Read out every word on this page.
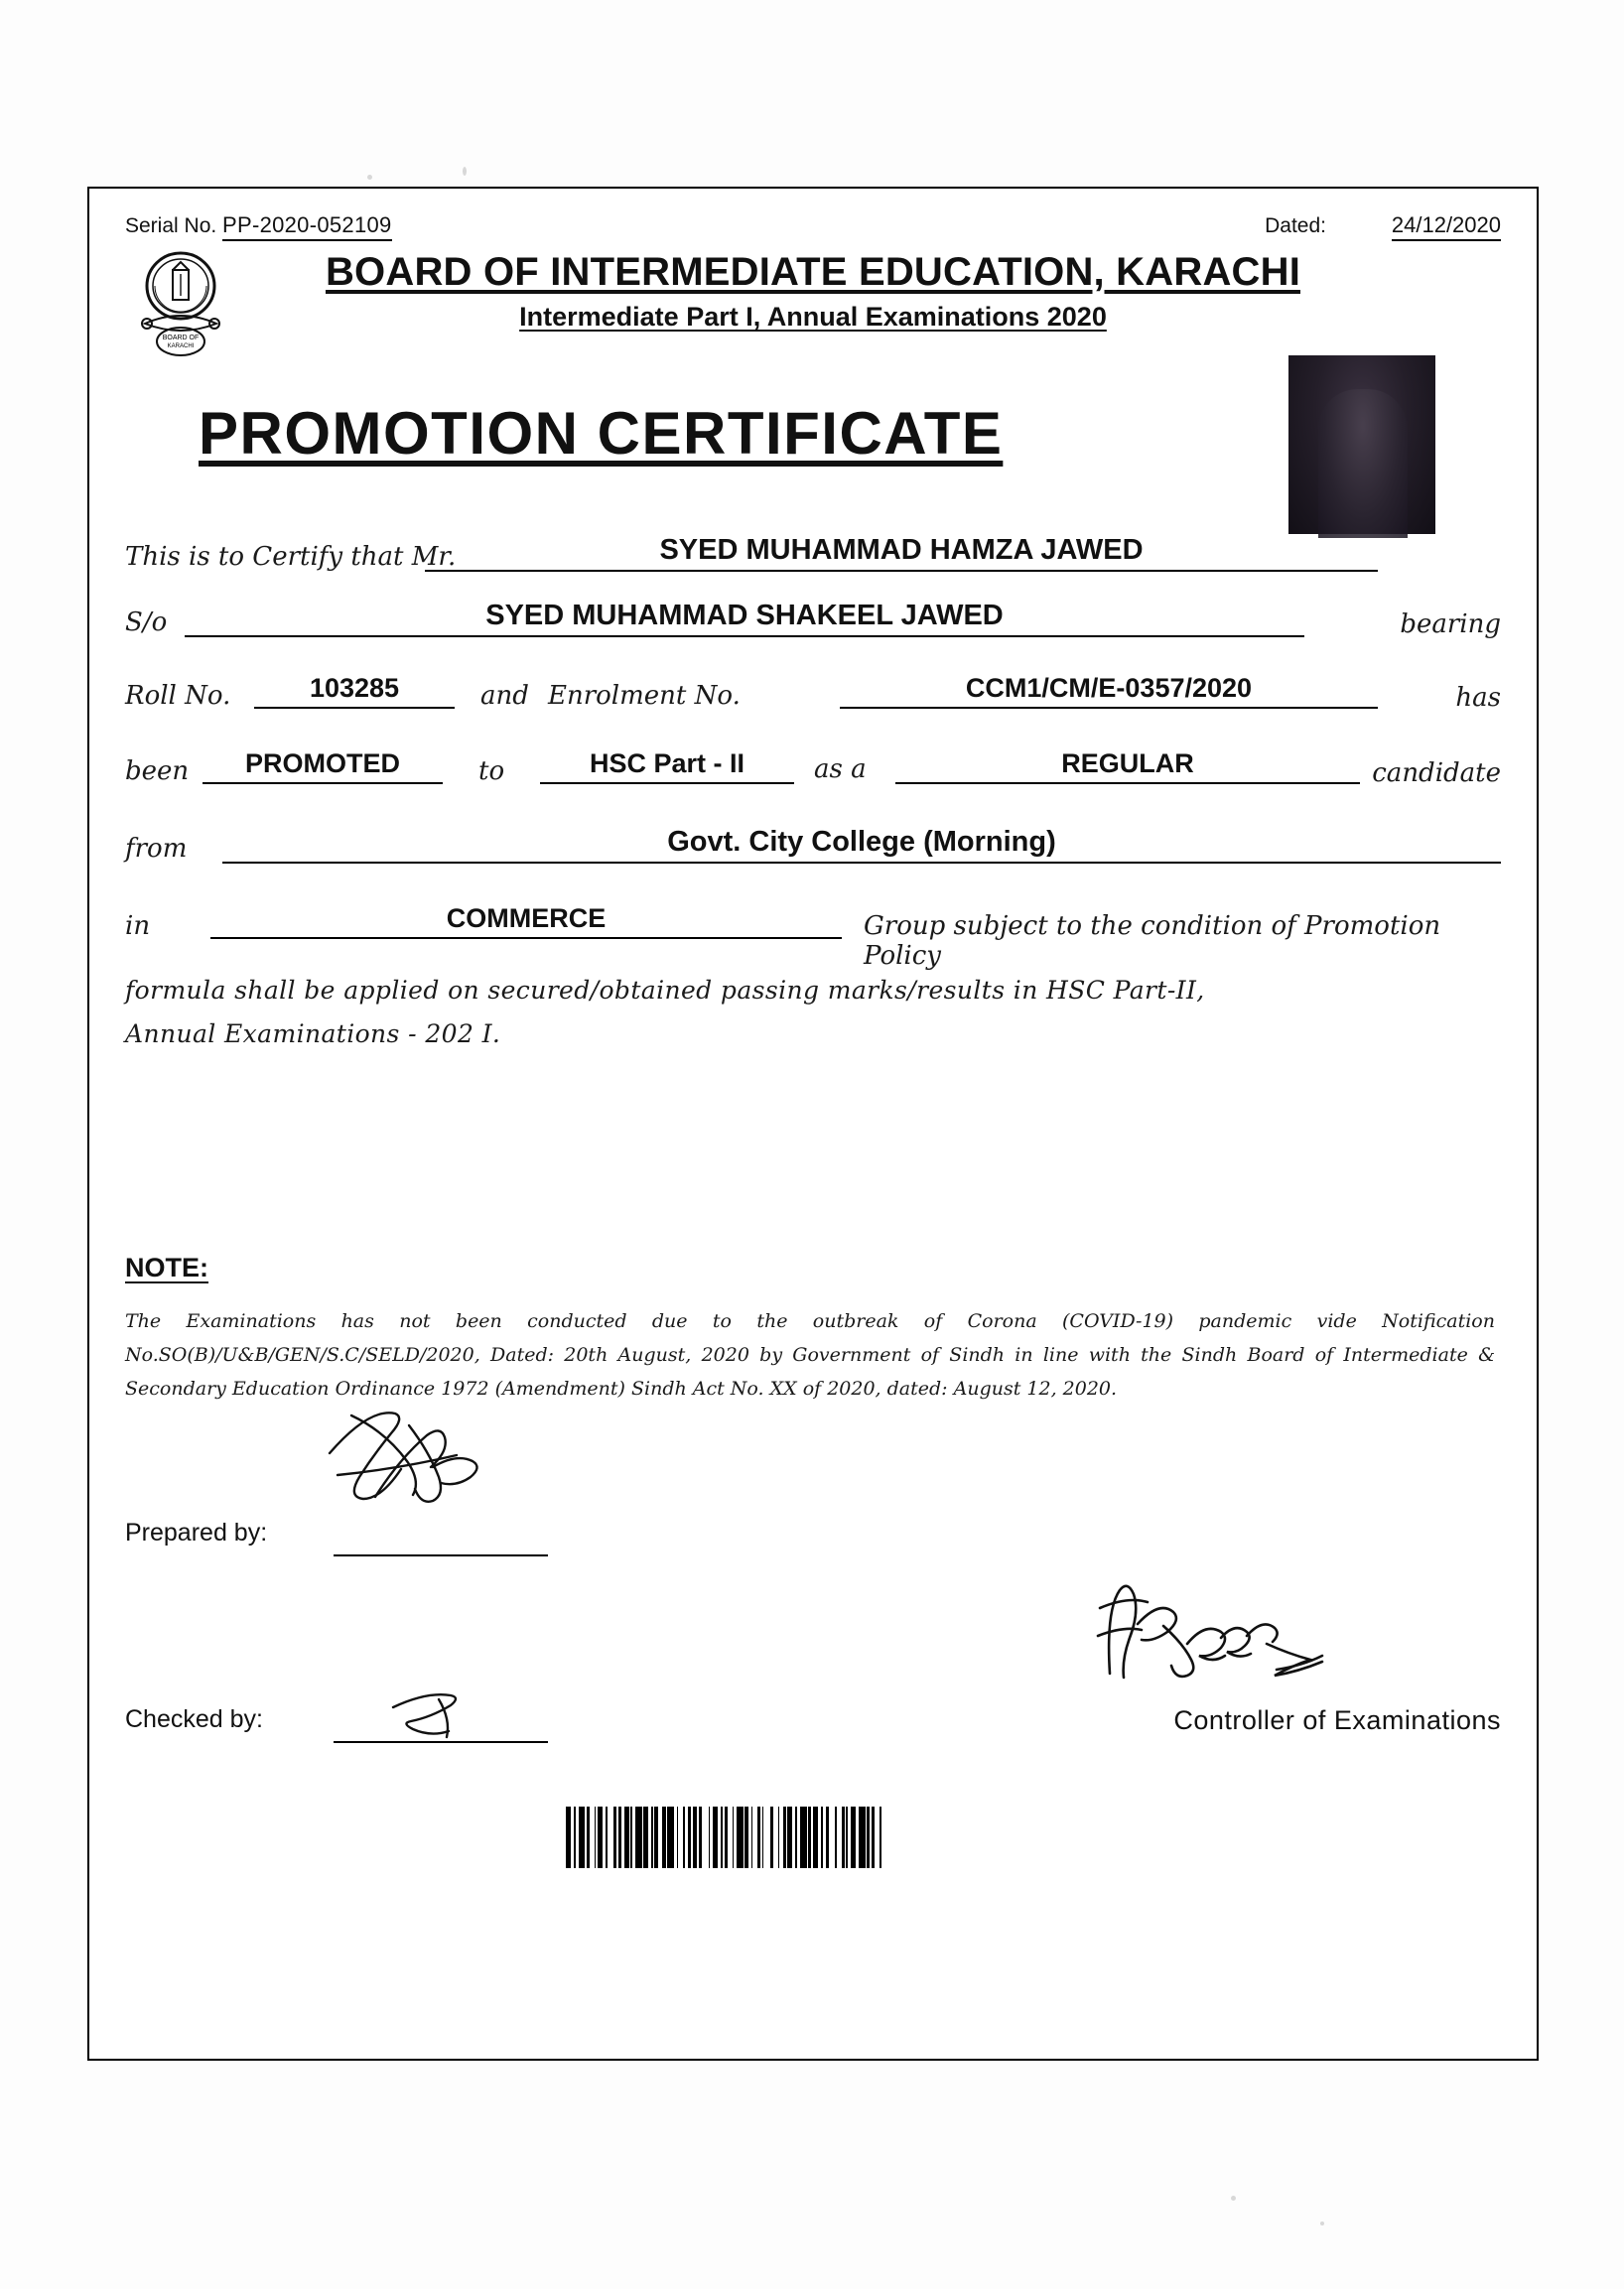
Serial No. PP-2020-052109	Dated:	24/12/2020
BOARD OF
KARACHI
BOARD OF INTERMEDIATE EDUCATION, KARACHI
Intermediate Part I, Annual Examinations 2020
PROMOTION CERTIFICATE
This is to Certify that Mr.	SYED MUHAMMAD HAMZA JAWED
S/o	SYED MUHAMMAD SHAKEEL JAWED	bearing
Roll No.	103285	and Enrolment No.	CCM1/CM/E-0357/2020	has
been	PROMOTED	to	HSC Part - II	as a	REGULAR	candidate
from	Govt. City College (Morning)
in	COMMERCE	Group subject to the condition of Promotion Policy
formula shall be applied on secured/obtained passing marks/results in HSC Part-II,
Annual Examinations - 202 I.
NOTE:
The Examinations has not been conducted due to the outbreak of Corona (COVID-19) pandemic vide Notification No.SO(B)/U&B/GEN/S.C/SELD/2020, Dated: 20th August, 2020 by Government of Sindh in line with the Sindh Board of Intermediate & Secondary Education Ordinance 1972 (Amendment) Sindh Act No. XX of 2020, dated: August 12, 2020.
Prepared by:
Checked by:	Controller of Examinations
